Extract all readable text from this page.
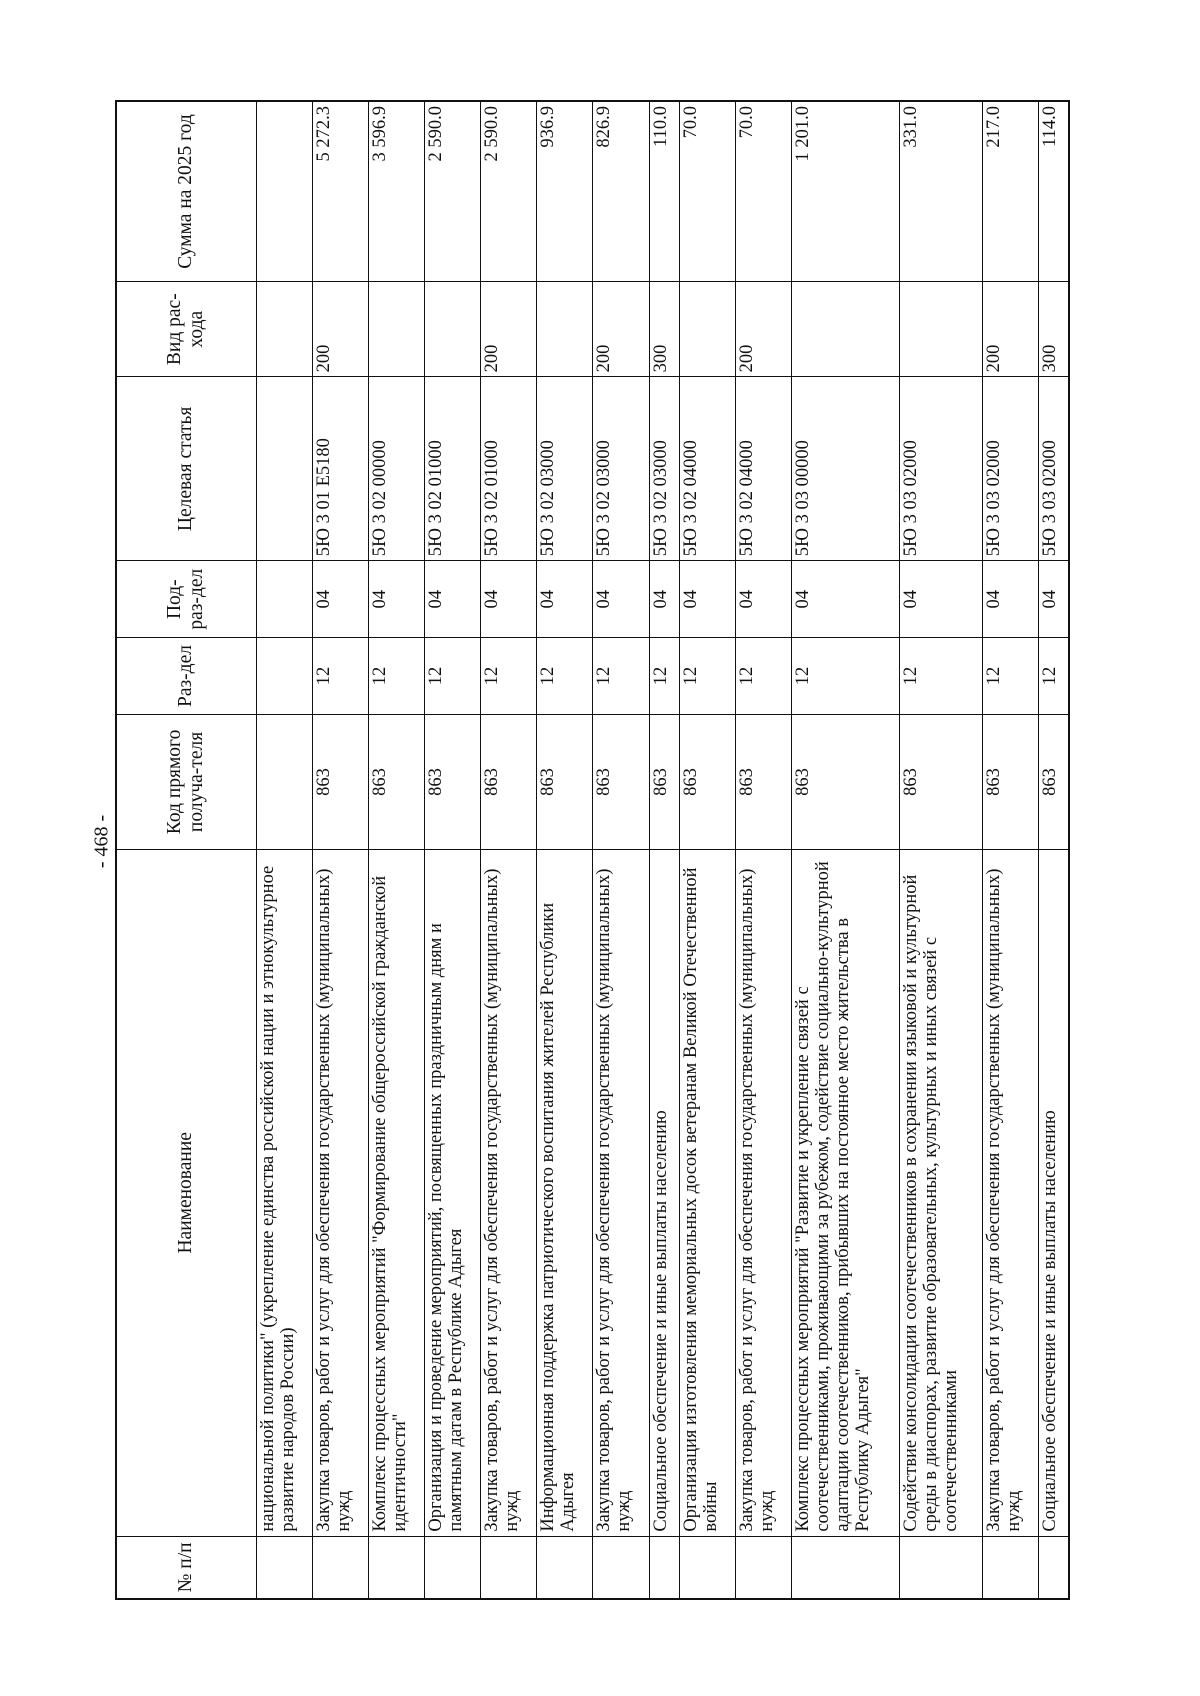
- 468 -
№ п/п	Наименование	Код прямого получа-теля	Раз-дел	Под-раз-дел	Целевая статья	Вид рас-хода	Сумма на 2025 год
	национальной политики" (укрепление единства российской нации и этнокультурное развитие народов России)						
	Закупка товаров, работ и услуг для обеспечения государственных (муниципальных) нужд	863	12	04	5Ю 3 01 Е5180	200	5 272.3
	Комплекс процессных мероприятий "Формирование общероссийской гражданской идентичности"	863	12	04	5Ю 3 02 00000		3 596.9
	Организация и проведение мероприятий, посвященных праздничным дням и памятным датам в Республике Адыгея	863	12	04	5Ю 3 02 01000		2 590.0
	Закупка товаров, работ и услуг для обеспечения государственных (муниципальных) нужд	863	12	04	5Ю 3 02 01000	200	2 590.0
	Информационная поддержка патриотического воспитания жителей Республики Адыгея	863	12	04	5Ю 3 02 03000		936.9
	Закупка товаров, работ и услуг для обеспечения государственных (муниципальных) нужд	863	12	04	5Ю 3 02 03000	200	826.9
	Социальное обеспечение и иные выплаты населению	863	12	04	5Ю 3 02 03000	300	110.0
	Организация изготовления мемориальных досок ветеранам Великой Отечественной войны	863	12	04	5Ю 3 02 04000		70.0
	Закупка товаров, работ и услуг для обеспечения государственных (муниципальных) нужд	863	12	04	5Ю 3 02 04000	200	70.0
	Комплекс процессных мероприятий "Развитие и укрепление связей с соотечественниками, проживающими за рубежом, содействие социально-культурной адаптации соотечественников, прибывших на постоянное место жительства в Республику Адыгея"	863	12	04	5Ю 3 03 00000		1 201.0
	Содействие консолидации соотечественников в сохранении языковой и культурной среды в диаспорах, развитие образовательных, культурных и иных связей с соотечественниками	863	12	04	5Ю 3 03 02000		331.0
	Закупка товаров, работ и услуг для обеспечения государственных (муниципальных) нужд	863	12	04	5Ю 3 03 02000	200	217.0
	Социальное обеспечение и иные выплаты населению	863	12	04	5Ю 3 03 02000	300	114.0
